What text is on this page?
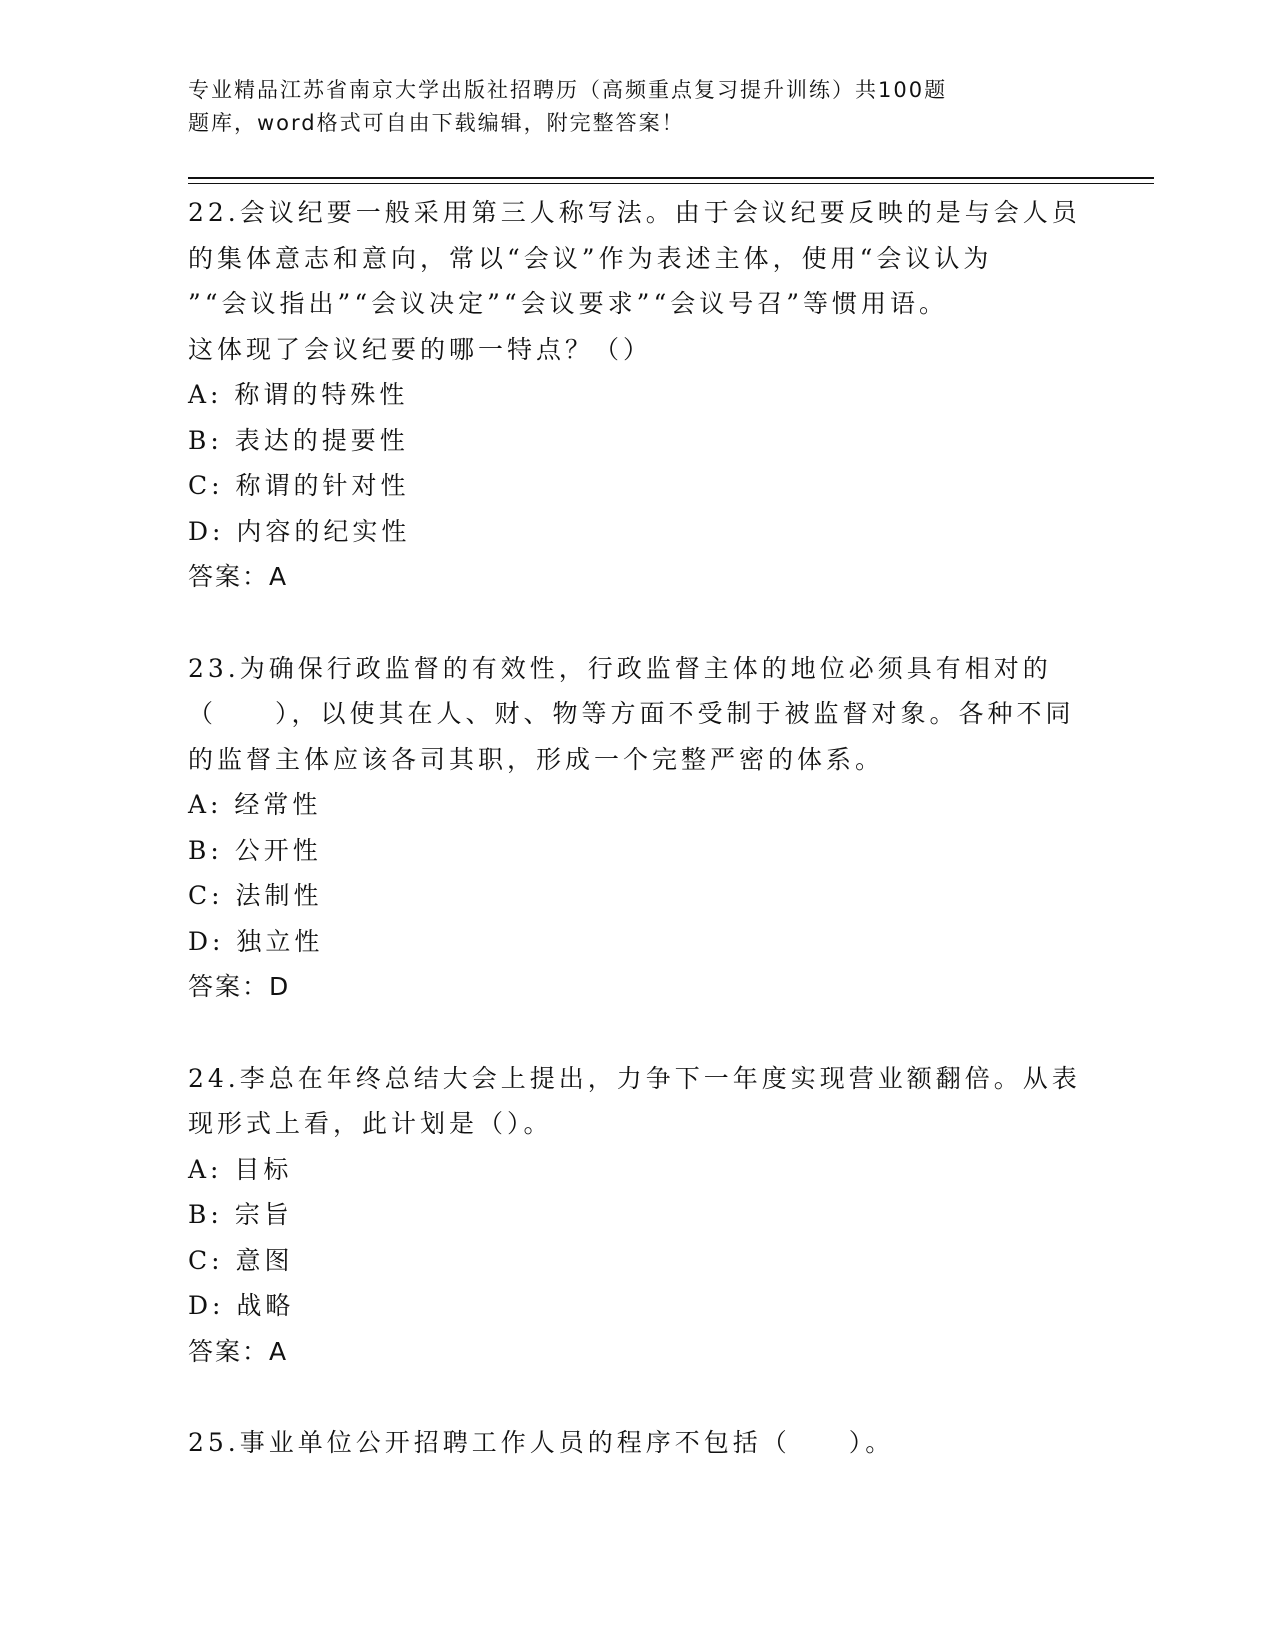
专业精品江苏省南京大学出版社招聘历（高频重点复习提升训练）共100题
题库，word格式可自由下载编辑，附完整答案！

22.会议纪要一般采用第三人称写法。由于会议纪要反映的是与会人员

的集体意志和意向，常以“会议”作为表述主体，使用“会议认为

”“会议指出”“会议决定”“会议要求”“会议号召”等惯用语。

这体现了会议纪要的哪一特点？（）

A: 称谓的特殊性

B: 表达的提要性

C: 称谓的针对性

D: 内容的纪实性

答案：A

23.为确保行政监督的有效性，行政监督主体的地位必须具有相对的

（　　），以使其在人、财、物等方面不受制于被监督对象。各种不同

的监督主体应该各司其职，形成一个完整严密的体系。

A: 经常性

B: 公开性

C: 法制性

D: 独立性

答案：D

24.李总在年终总结大会上提出，力争下一年度实现营业额翻倍。从表

现形式上看，此计划是（）。

A: 目标

B: 宗旨

C: 意图

D: 战略

答案：A

25.事业单位公开招聘工作人员的程序不包括（　　）。
